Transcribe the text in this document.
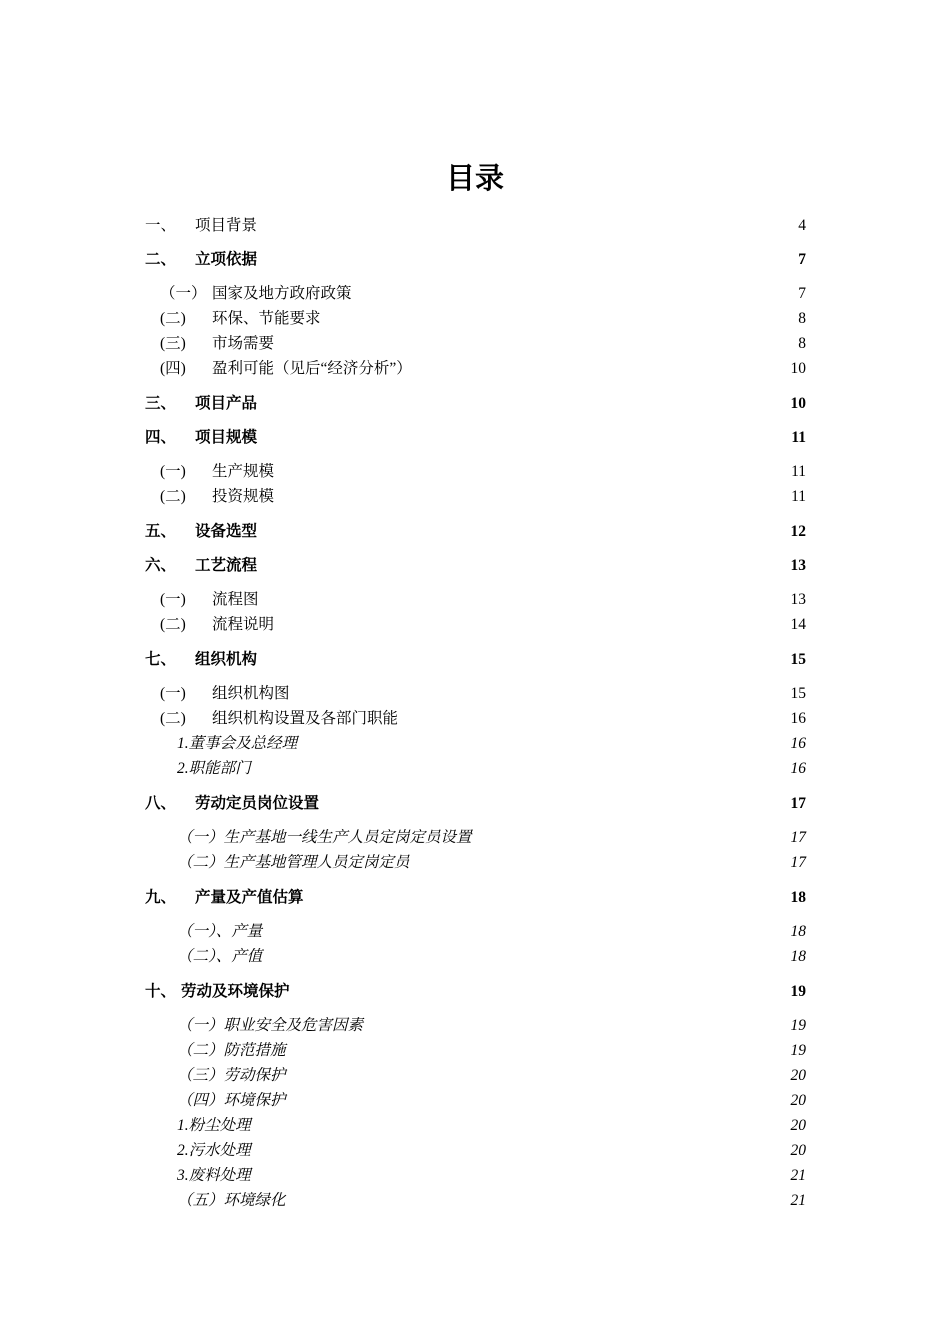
目录
一、 项目背景	4
二、 立项依据	7
（一） 国家及地方政府政策	7
(二) 环保、节能要求	8
(三) 市场需要	8
(四) 盈利可能（见后“经济分析”）	10
三、 项目产品	10
四、 项目规模	11
(一) 生产规模	11
(二) 投资规模	11
五、 设备选型	12
六、 工艺流程	13
(一) 流程图	13
(二) 流程说明	14
七、 组织机构	15
(一) 组织机构图	15
(二) 组织机构设置及各部门职能	16
1.董事会及总经理	16
2.职能部门	16
八、 劳动定员岗位设置	17
（一）生产基地一线生产人员定岗定员设置	17
（二）生产基地管理人员定岗定员	17
九、 产量及产值估算	18
（一）、产量	18
（二）、产值	18
十、 劳动及环境保护	19
（一）职业安全及危害因素	19
（二）防范措施	19
（三）劳动保护	20
（四）环境保护	20
1.粉尘处理	20
2.污水处理	20
3.废料处理	21
（五）环境绿化	21
